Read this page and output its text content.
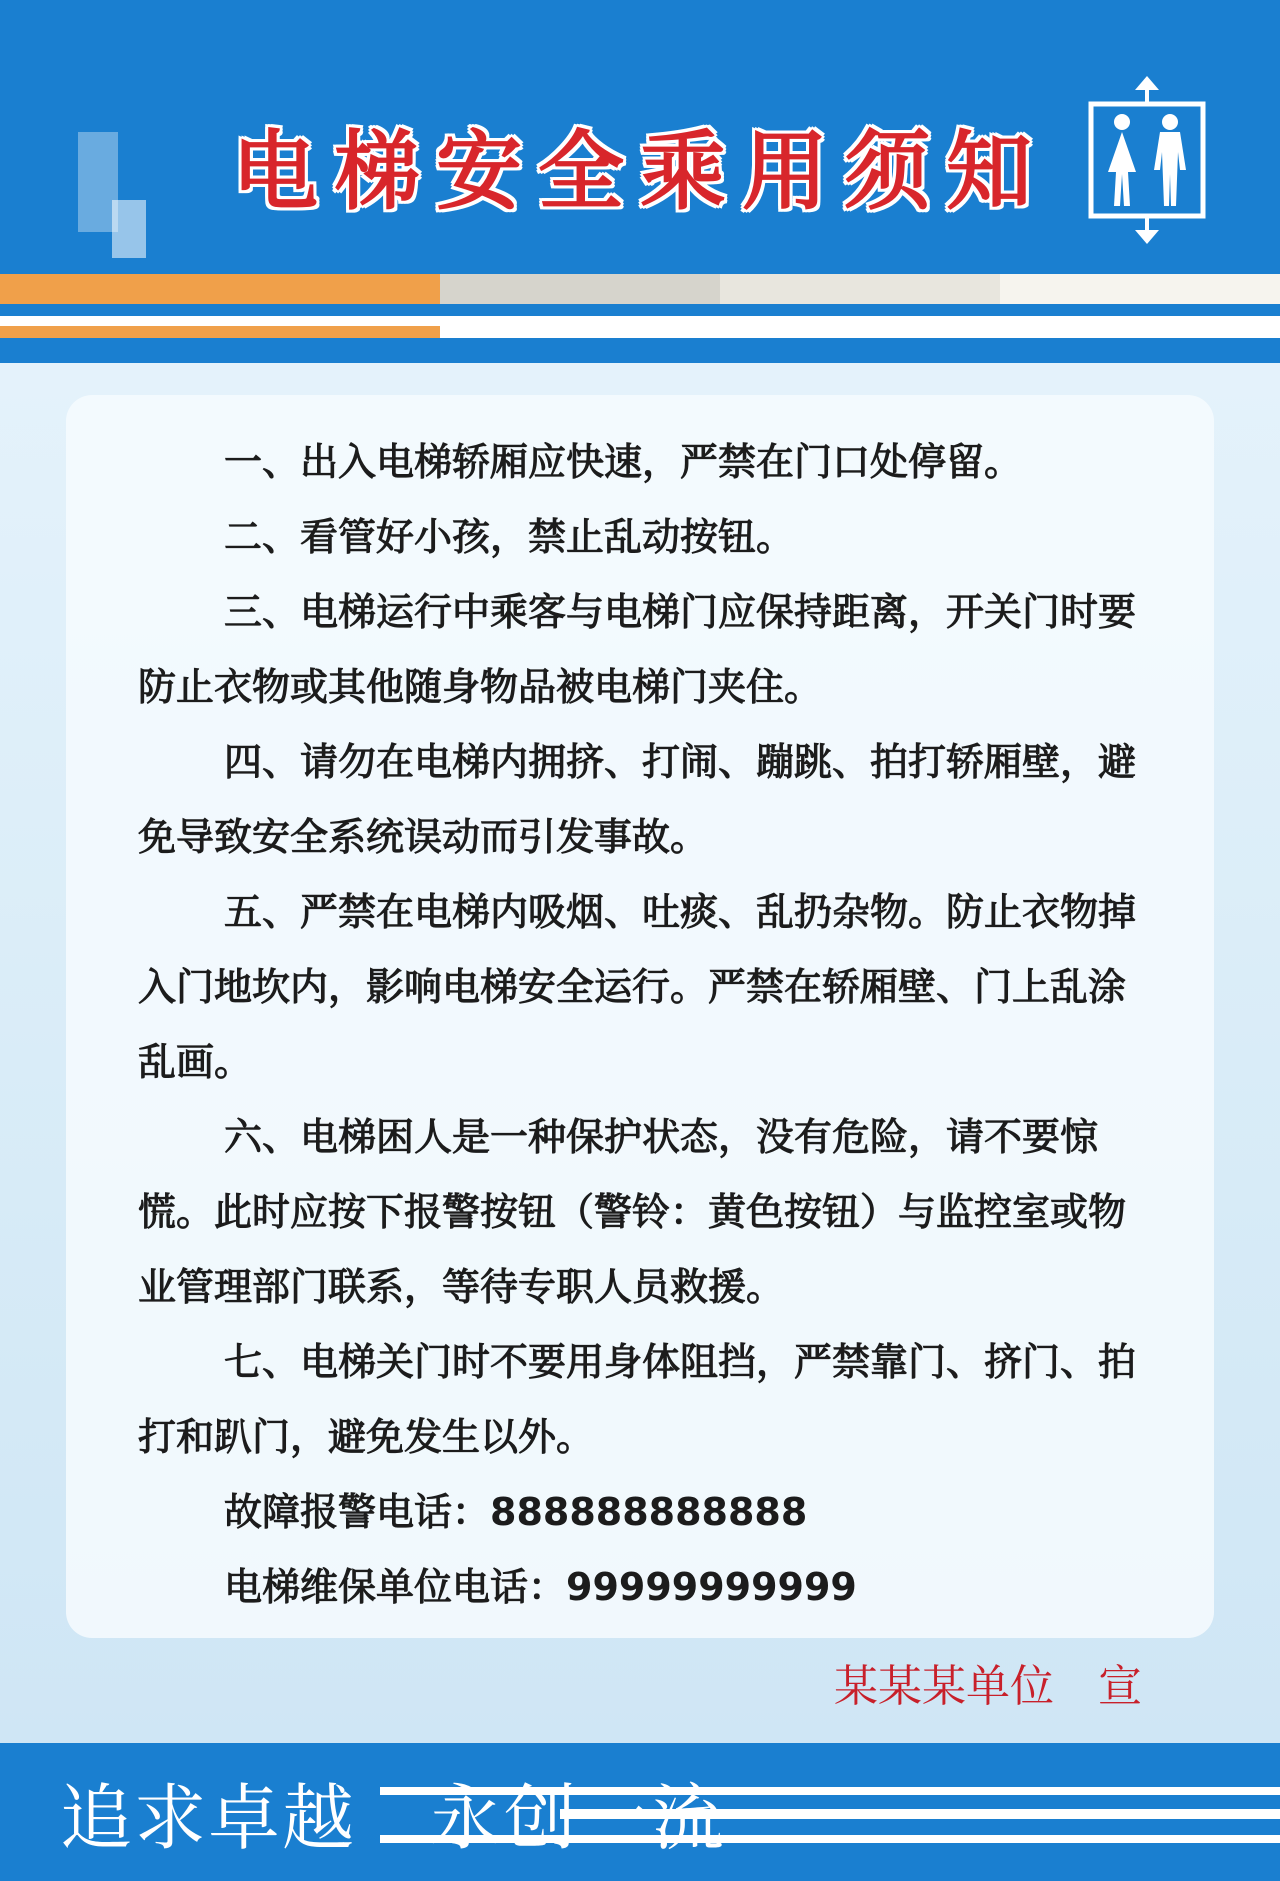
电梯安全乘用须知

一、出入电梯轿厢应快速，严禁在门口处停留。

二、看管好小孩，禁止乱动按钮。

三、电梯运行中乘客与电梯门应保持距离，开关门时要防止衣物或其他随身物品被电梯门夹住。

四、请勿在电梯内拥挤、打闹、蹦跳、拍打轿厢壁，避免导致安全系统误动而引发事故。

五、严禁在电梯内吸烟、吐痰、乱扔杂物。防止衣物掉入门地坎内，影响电梯安全运行。严禁在轿厢壁、门上乱涂乱画。

六、电梯困人是一种保护状态，没有危险，请不要惊慌。此时应按下报警按钮（警铃：黄色按钮）与监控室或物业管理部门联系，等待专职人员救援。

七、电梯关门时不要用身体阻挡，严禁靠门、挤门、拍打和趴门，避免发生以外。

故障报警电话：888888888888

电梯维保单位电话：99999999999

某某某单位　宣
追求卓越　永创一流
